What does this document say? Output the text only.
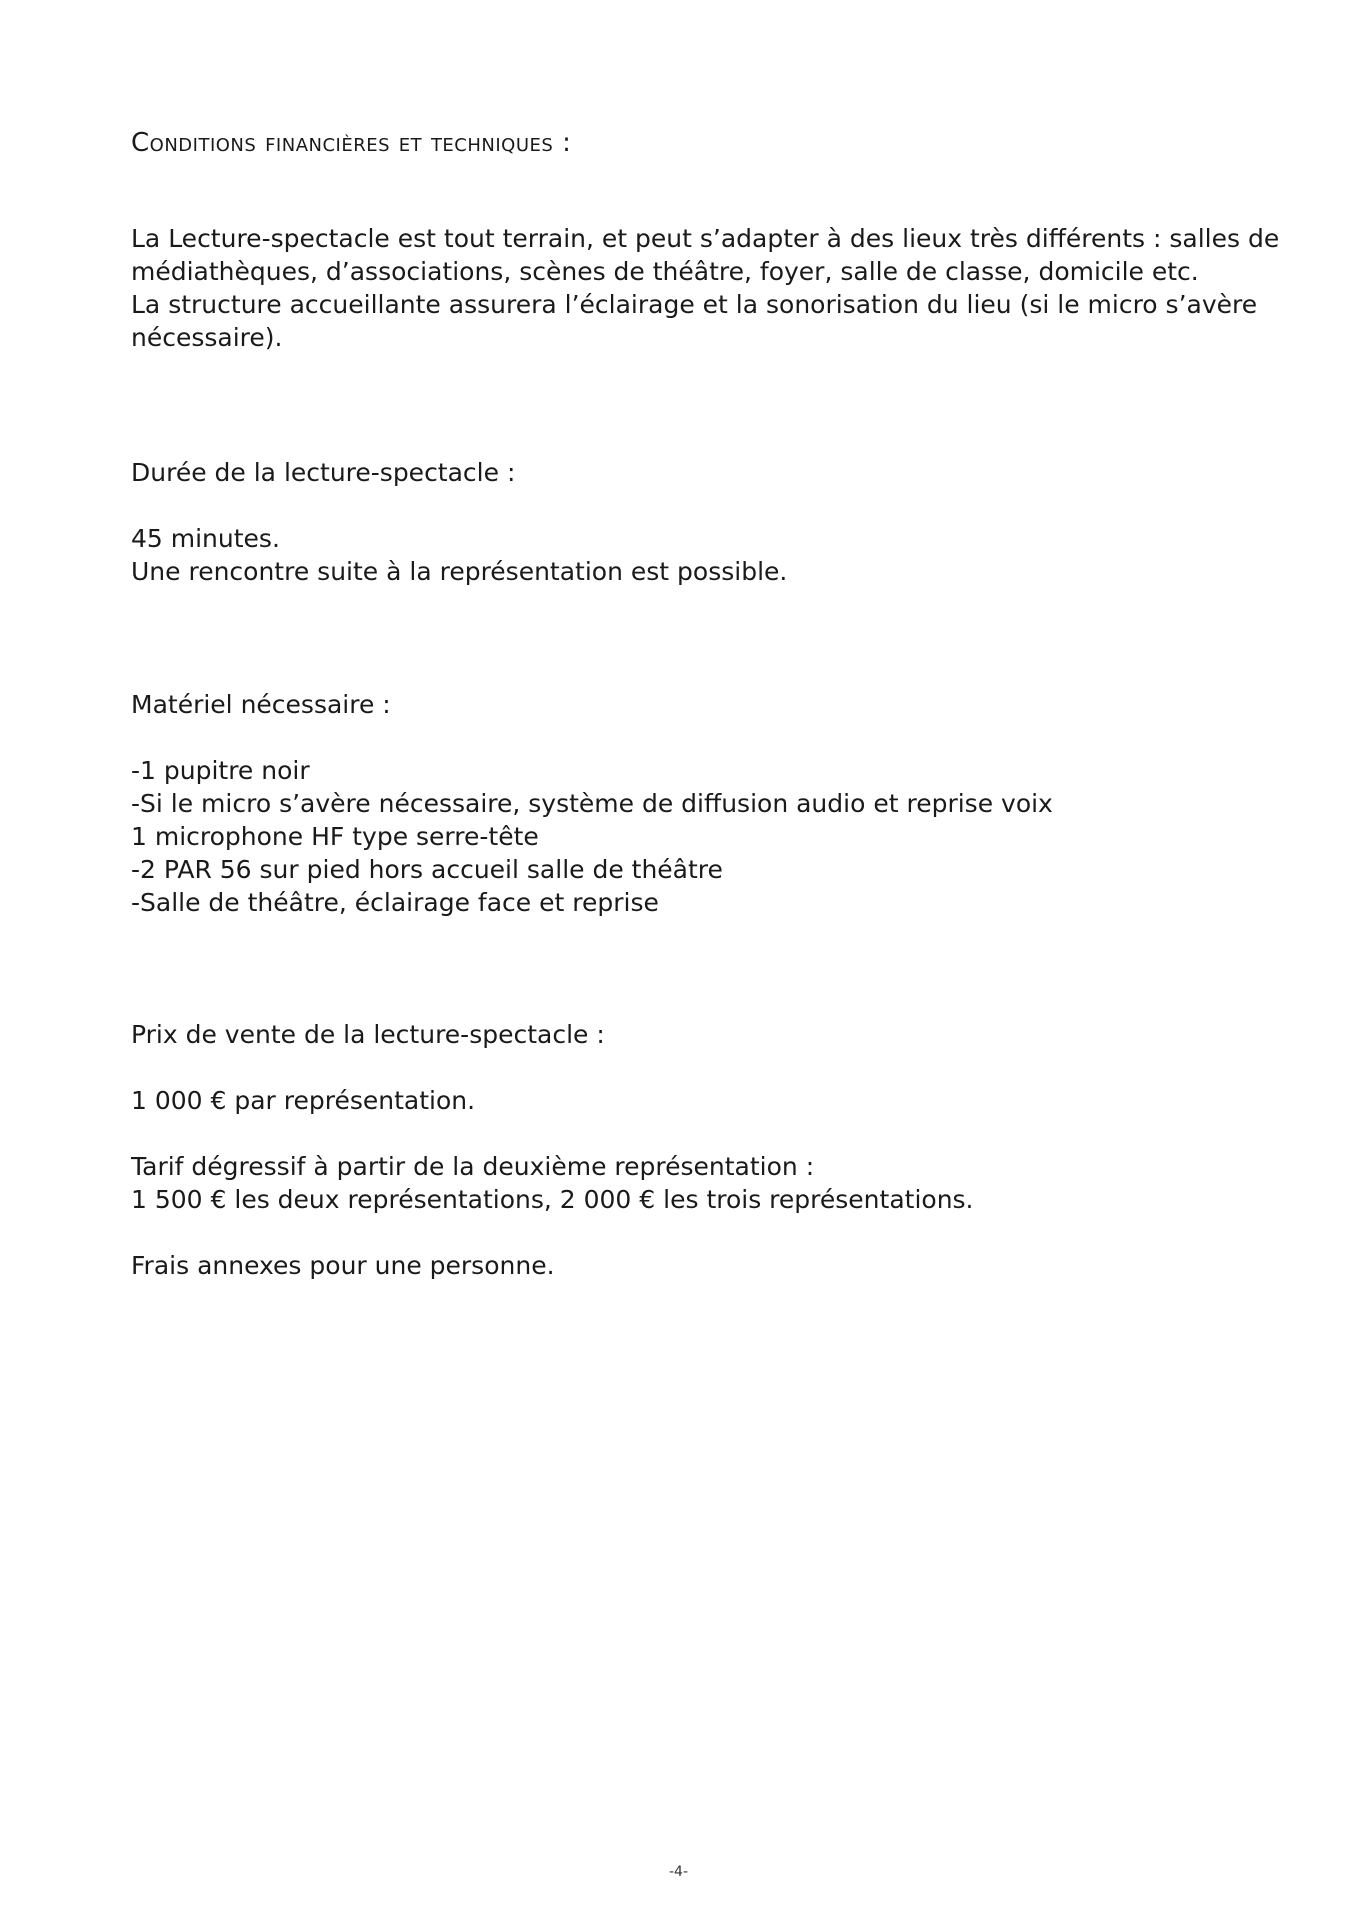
Conditions financières et techniques :

La Lecture-spectacle est tout terrain, et peut s’adapter à des lieux très différents : salles de

médiathèques, d’associations, scènes de théâtre, foyer, salle de classe, domicile etc.

La structure accueillante assurera l’éclairage et la sonorisation du lieu (si le micro s’avère

nécessaire).

Durée de la lecture-spectacle :

45 minutes.

Une rencontre suite à la représentation est possible.

Matériel nécessaire :

-1 pupitre noir

-Si le micro s’avère nécessaire, système de diffusion audio et reprise voix

1 microphone HF type serre-tête

-2 PAR 56 sur pied hors accueil salle de théâtre

-Salle de théâtre, éclairage face et reprise

Prix de vente de la lecture-spectacle :

1 000 € par représentation.

Tarif dégressif à partir de la deuxième représentation :

1 500 € les deux représentations, 2 000 € les trois représentations.

Frais annexes pour une personne.

-4-
